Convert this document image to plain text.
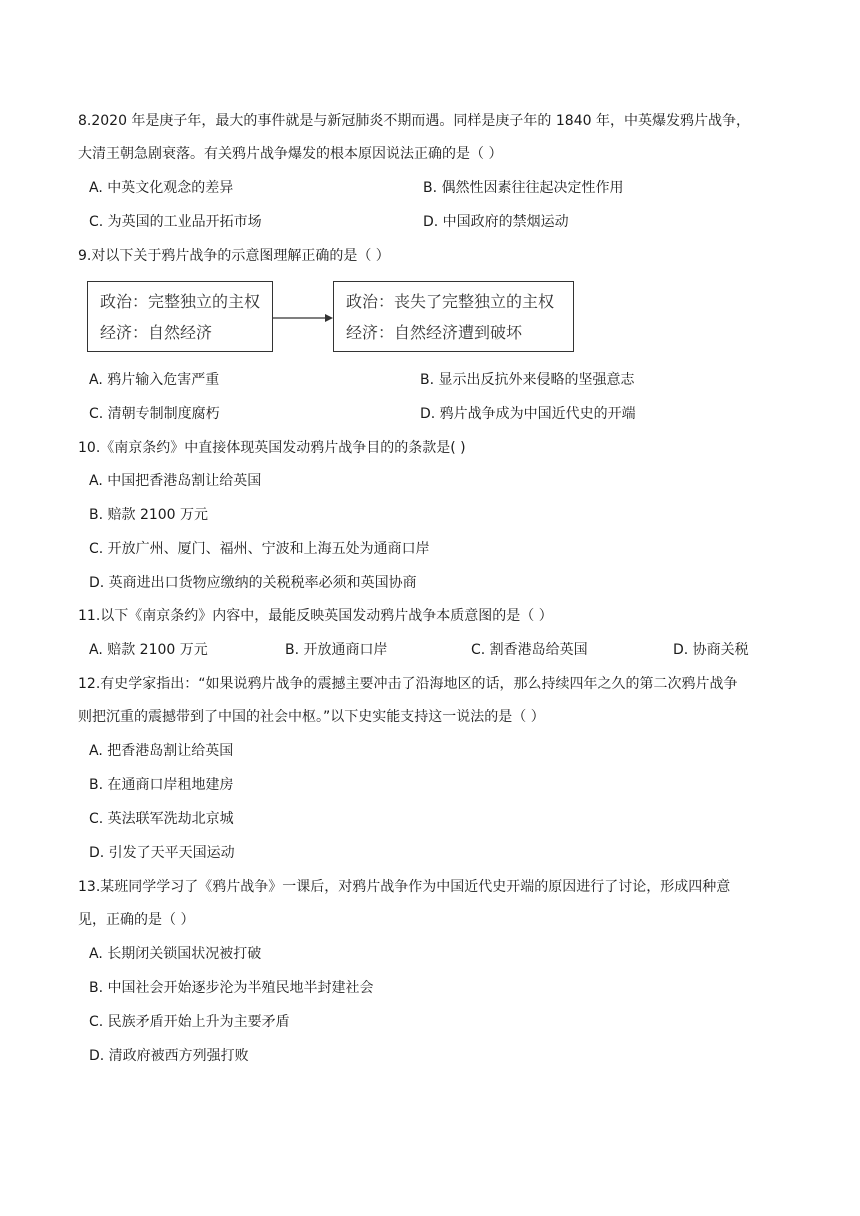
8.2020 年是庚子年，最大的事件就是与新冠肺炎不期而遇。同样是庚子年的 1840 年，中英爆发鸦片战争，
大清王朝急剧衰落。有关鸦片战争爆发的根本原因说法正确的是（ ）
A. 中英文化观念的差异	B. 偶然性因素往往起决定性作用
C. 为英国的工业品开拓市场	D. 中国政府的禁烟运动
9.对以下关于鸦片战争的示意图理解正确的是（ ）
政治：完整独立的主权
经济：自然经济
政治：丧失了完整独立的主权
经济：自然经济遭到破坏
A. 鸦片输入危害严重	B. 显示出反抗外来侵略的坚强意志
C. 清朝专制制度腐朽	D. 鸦片战争成为中国近代史的开端
10.《南京条约》中直接体现英国发动鸦片战争目的的条款是( )
A. 中国把香港岛割让给英国
B. 赔款 2100 万元
C. 开放广州、厦门、福州、宁波和上海五处为通商口岸
D. 英商进出口货物应缴纳的关税税率必须和英国协商
11.以下《南京条约》内容中，最能反映英国发动鸦片战争本质意图的是（ ）
A. 赔款 2100 万元	B. 开放通商口岸	C. 割香港岛给英国	D. 协商关税
12.有史学家指出：“如果说鸦片战争的震撼主要冲击了沿海地区的话，那么持续四年之久的第二次鸦片战争
则把沉重的震撼带到了中国的社会中枢。”以下史实能支持这一说法的是（ ）
A. 把香港岛割让给英国
B. 在通商口岸租地建房
C. 英法联军洗劫北京城
D. 引发了天平天国运动
13.某班同学学习了《鸦片战争》一课后，对鸦片战争作为中国近代史开端的原因进行了讨论，形成四种意
见，正确的是（ ）
A. 长期闭关锁国状况被打破
B. 中国社会开始逐步沦为半殖民地半封建社会
C. 民族矛盾开始上升为主要矛盾
D. 清政府被西方列强打败
